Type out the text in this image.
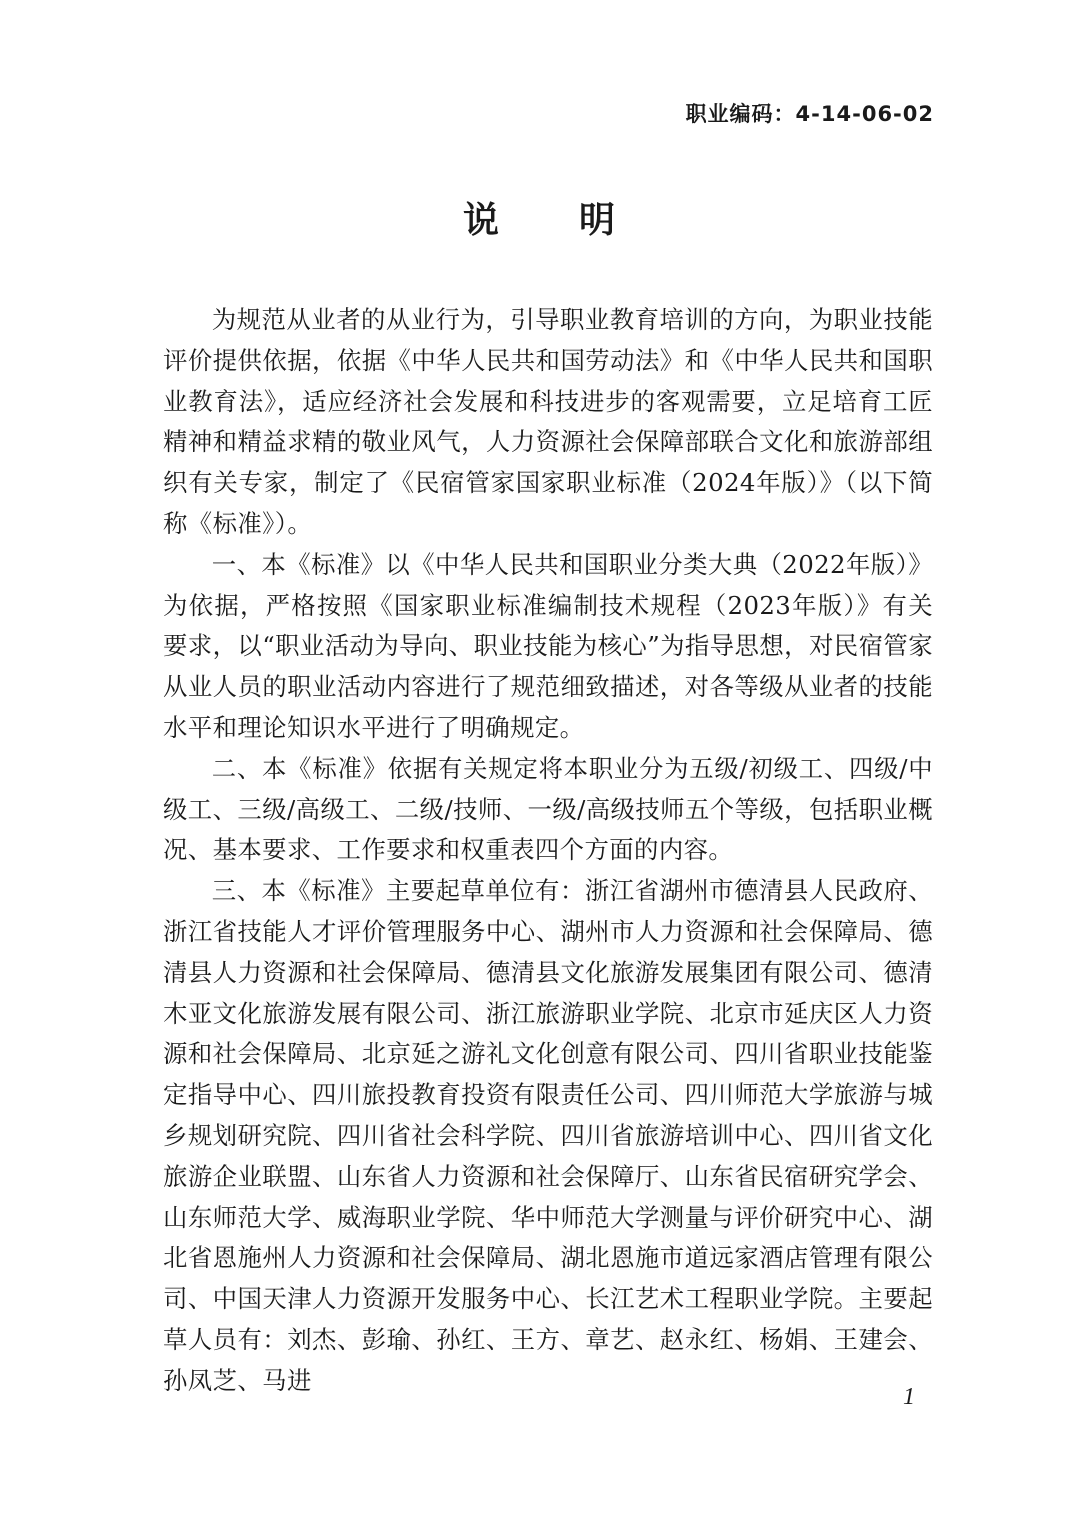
职业编码：4-14-06-02
说 明

为规范从业者的从业行为，引导职业教育培训的方向，为职业技能评价提供依据，依据《中华人民共和国劳动法》和《中华人民共和国职业教育法》，适应经济社会发展和科技进步的客观需要，立足培育工匠精神和精益求精的敬业风气，人力资源社会保障部联合文化和旅游部组织有关专家，制定了《民宿管家国家职业标准（2024年版）》（以下简称《标准》）。

一、本《标准》以《中华人民共和国职业分类大典（2022年版）》为依据，严格按照《国家职业标准编制技术规程（2023年版）》有关要求，以“职业活动为导向、职业技能为核心”为指导思想，对民宿管家从业人员的职业活动内容进行了规范细致描述，对各等级从业者的技能水平和理论知识水平进行了明确规定。

二、本《标准》依据有关规定将本职业分为五级/初级工、四级/中级工、三级/高级工、二级/技师、一级/高级技师五个等级，包括职业概况、基本要求、工作要求和权重表四个方面的内容。

三、本《标准》主要起草单位有：浙江省湖州市德清县人民政府、浙江省技能人才评价管理服务中心、湖州市人力资源和社会保障局、德清县人力资源和社会保障局、德清县文化旅游发展集团有限公司、德清木亚文化旅游发展有限公司、浙江旅游职业学院、北京市延庆区人力资源和社会保障局、北京延之游礼文化创意有限公司、四川省职业技能鉴定指导中心、四川旅投教育投资有限责任公司、四川师范大学旅游与城乡规划研究院、四川省社会科学院、四川省旅游培训中心、四川省文化旅游企业联盟、山东省人力资源和社会保障厅、山东省民宿研究学会、山东师范大学、威海职业学院、华中师范大学测量与评价研究中心、湖北省恩施州人力资源和社会保障局、湖北恩施市道远家酒店管理有限公司、中国天津人力资源开发服务中心、长江艺术工程职业学院。主要起草人员有：刘杰、彭瑜、孙红、王方、章艺、赵永红、杨娟、王建会、孙凤芝、马进

1
